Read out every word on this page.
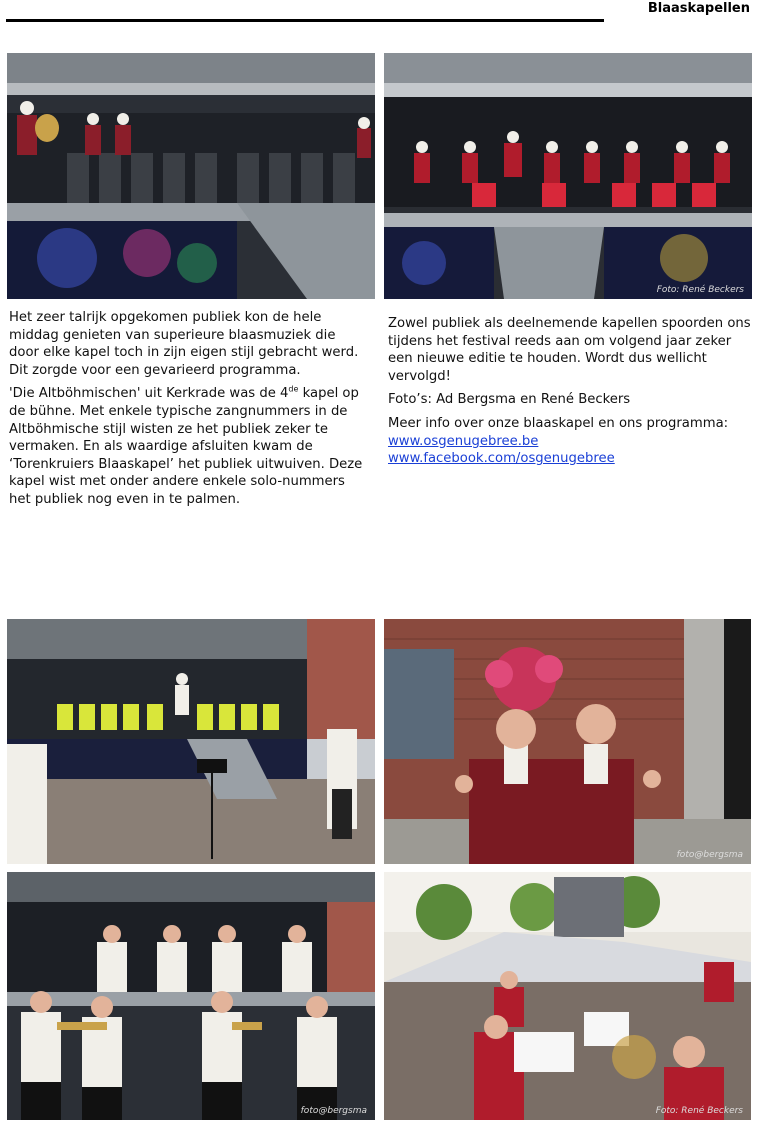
Blaaskapellen
Foto: René Beckers

Het zeer talrijk opgekomen publiek kon de hele middag genieten van superieure blaasmuziek die door elke kapel toch in zijn eigen stijl gebracht werd. Dit zorgde voor een gevarieerd programma.

'Die Altböhmischen' uit Kerkrade was de 4de kapel op de bühne. Met enkele typische zangnummers in de Altböhmische stijl wisten ze het publiek zeker te vermaken. En als waardige afsluiten kwam de ‘Torenkruiers Blaaskapel’ het publiek uitwuiven. Deze kapel wist met onder andere enkele solo-nummers het publiek nog even in te palmen.

Zowel publiek als deelnemende kapellen spoorden ons tijdens het festival reeds aan om volgend jaar zeker een nieuwe editie te houden. Wordt dus wellicht vervolgd!

Foto’s: Ad Bergsma en René Beckers

Meer info over onze blaaskapel en ons programma:
www.osgenugebree.be
www.facebook.com/osgenugebree

foto@bergsma
foto@bergsma	Foto: René Beckers
